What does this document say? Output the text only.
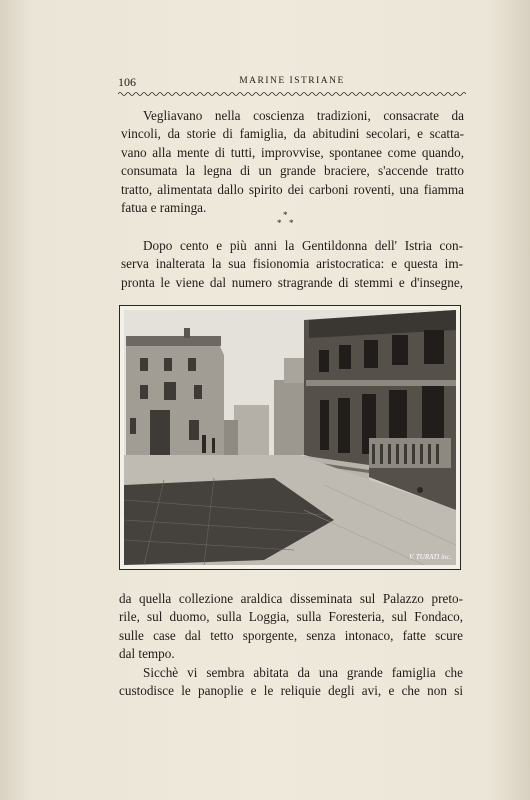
106	MARINE ISTRIANE

Vegliavano nella coscienza tradizioni, consacrate da
vincoli, da storie di famiglia, da abitudini secolari, e scatta-
vano alla mente di tutti, improvvise, spontanee come quando,
consumata la legna di un grande braciere, s'accende tratto
tratto, alimentata dallo spirito dei carboni roventi, una fiamma
fatua e raminga.	*
* *

Dopo cento e più anni la Gentildonna dell' Istria con-
serva inalterata la sua fisionomia aristocratica: e questa im-
pronta le viene dal numero stragrande di stemmi e d'insegne,

V. TURATI inc.

da quella collezione araldica disseminata sul Palazzo preto-
rile, sul duomo, sulla Loggia, sulla Foresteria, sul Fondaco,
sulle case dal tetto sporgente, senza intonaco, fatte scure
dal tempo.
Sicchè vi sembra abitata da una grande famiglia che
custodisce le panoplie e le reliquie degli avi, e che non si
